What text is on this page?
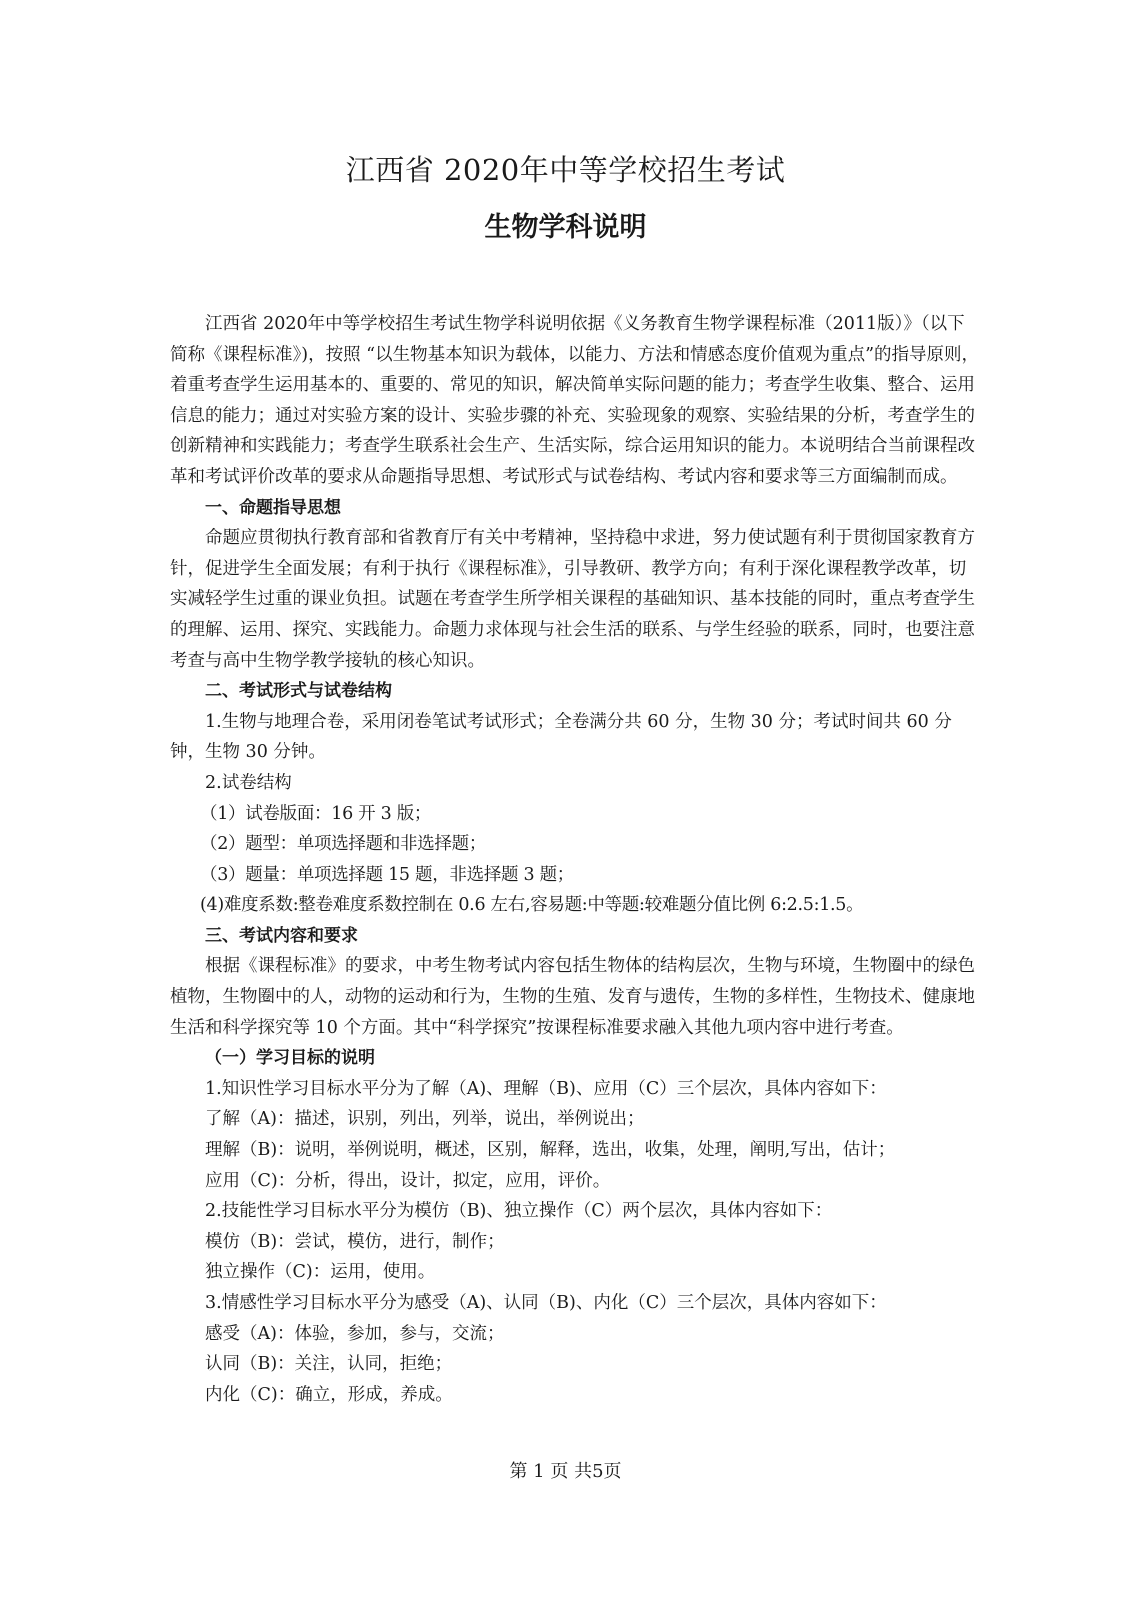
江西省 2020年中等学校招生考试
生物学科说明

江西省 2020年中等学校招生考试生物学科说明依据《义务教育生物学课程标准（2011版）》（以下简称《课程标准》)，按照 “以生物基本知识为载体，以能力、方法和情感态度价值观为重点”的指导原则，着重考查学生运用基本的、重要的、常见的知识，解决简单实际问题的能力；考查学生收集、整合、运用信息的能力；通过对实验方案的设计、实验步骤的补充、实验现象的观察、实验结果的分析，考查学生的创新精神和实践能力；考查学生联系社会生产、生活实际，综合运用知识的能力。本说明结合当前课程改革和考试评价改革的要求从命题指导思想、考试形式与试卷结构、考试内容和要求等三方面编制而成。

一、命题指导思想

命题应贯彻执行教育部和省教育厅有关中考精神，坚持稳中求进，努力使试题有利于贯彻国家教育方针，促进学生全面发展；有利于执行《课程标准》，引导教研、教学方向；有利于深化课程教学改革，切实减轻学生过重的课业负担。试题在考查学生所学相关课程的基础知识、基本技能的同时，重点考查学生的理解、运用、探究、实践能力。命题力求体现与社会生活的联系、与学生经验的联系，同时，也要注意考查与高中生物学教学接轨的核心知识。

二、考试形式与试卷结构

1.生物与地理合卷，采用闭卷笔试考试形式；全卷满分共 60 分，生物 30 分；考试时间共 60 分钟，生物 30 分钟。

2.试卷结构

（1）试卷版面：16 开 3 版；

（2）题型：单项选择题和非选择题；

（3）题量：单项选择题 15 题，非选择题 3 题；

(4)难度系数:整卷难度系数控制在 0.6 左右,容易题:中等题:较难题分值比例 6:2.5:1.5。

三、考试内容和要求

根据《课程标准》的要求，中考生物考试内容包括生物体的结构层次，生物与环境，生物圈中的绿色植物，生物圈中的人，动物的运动和行为，生物的生殖、发育与遗传，生物的多样性，生物技术、健康地生活和科学探究等 10 个方面。其中“科学探究”按课程标准要求融入其他九项内容中进行考查。

（一）学习目标的说明

1.知识性学习目标水平分为了解（A)、理解（B)、应用（C）三个层次，具体内容如下：

了解（A)：描述，识别，列出，列举，说出，举例说出；

理解（B)：说明，举例说明，概述，区别，解释，选出，收集，处理，阐明,写出，估计；

应用（C)：分析，得出，设计，拟定，应用，评价。

2.技能性学习目标水平分为模仿（B)、独立操作（C）两个层次，具体内容如下：

模仿（B)：尝试，模仿，进行，制作；

独立操作（C)：运用，使用。

3.情感性学习目标水平分为感受（A)、认同（B)、内化（C）三个层次，具体内容如下：

感受（A)：体验，参加，参与，交流；

认同（B)：关注，认同，拒绝；

内化（C)：确立，形成，养成。

第 1 页 共5页
